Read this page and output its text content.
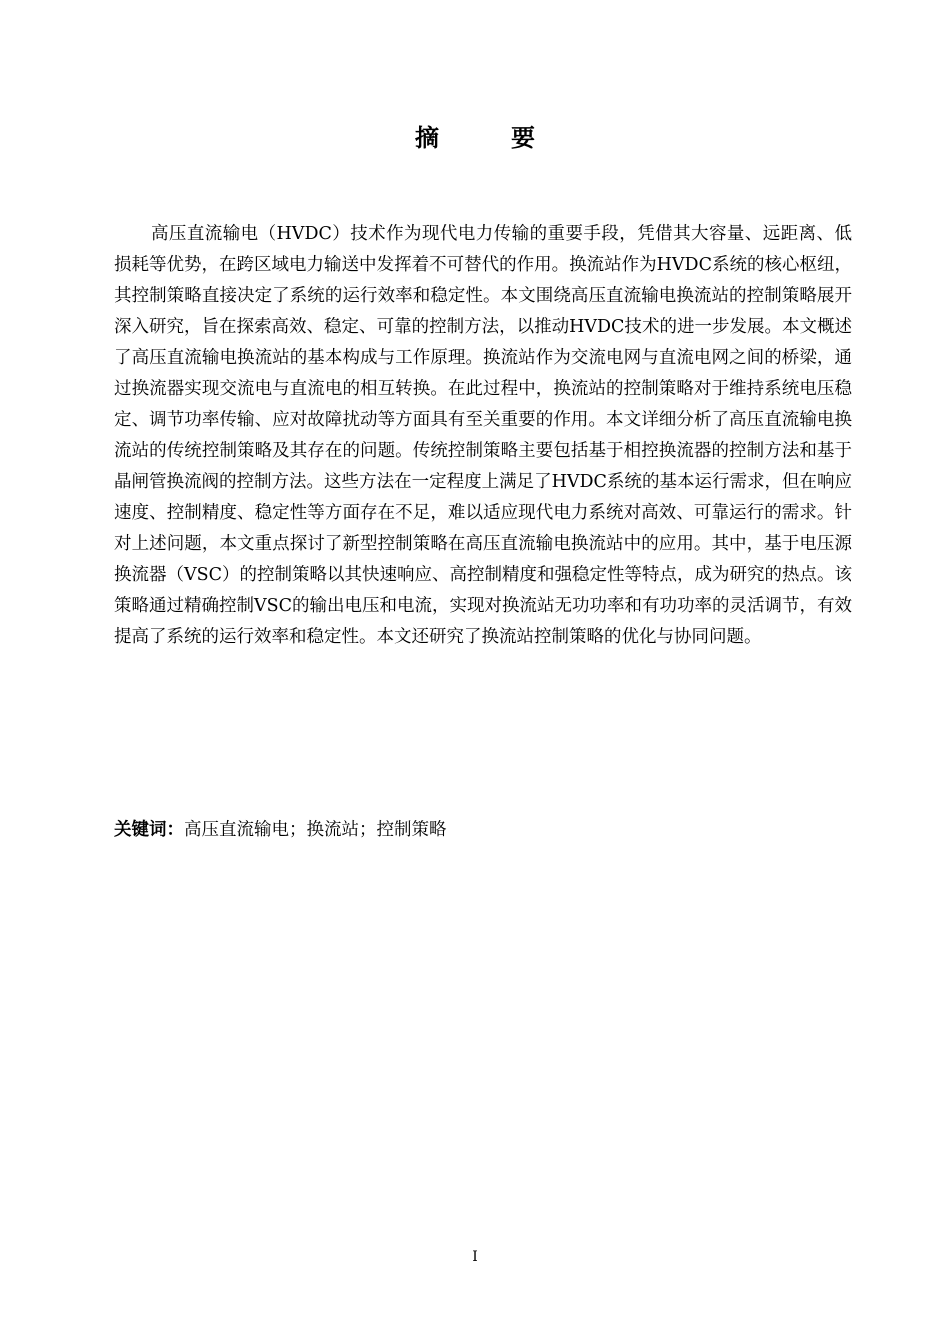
摘　要

高压直流输电（HVDC）技术作为现代电力传输的重要手段，凭借其大容量、远距离、低损耗等优势，在跨区域电力输送中发挥着不可替代的作用。换流站作为HVDC系统的核心枢纽，其控制策略直接决定了系统的运行效率和稳定性。本文围绕高压直流输电换流站的控制策略展开深入研究，旨在探索高效、稳定、可靠的控制方法，以推动HVDC技术的进一步发展。本文概述了高压直流输电换流站的基本构成与工作原理。换流站作为交流电网与直流电网之间的桥梁，通过换流器实现交流电与直流电的相互转换。在此过程中，换流站的控制策略对于维持系统电压稳定、调节功率传输、应对故障扰动等方面具有至关重要的作用。本文详细分析了高压直流输电换流站的传统控制策略及其存在的问题。传统控制策略主要包括基于相控换流器的控制方法和基于晶闸管换流阀的控制方法。这些方法在一定程度上满足了HVDC系统的基本运行需求，但在响应速度、控制精度、稳定性等方面存在不足，难以适应现代电力系统对高效、可靠运行的需求。针对上述问题，本文重点探讨了新型控制策略在高压直流输电换流站中的应用。其中，基于电压源换流器（VSC）的控制策略以其快速响应、高控制精度和强稳定性等特点，成为研究的热点。该策略通过精确控制VSC的输出电压和电流，实现对换流站无功功率和有功功率的灵活调节，有效提高了系统的运行效率和稳定性。本文还研究了换流站控制策略的优化与协同问题。

关键词：高压直流输电；换流站；控制策略
I
